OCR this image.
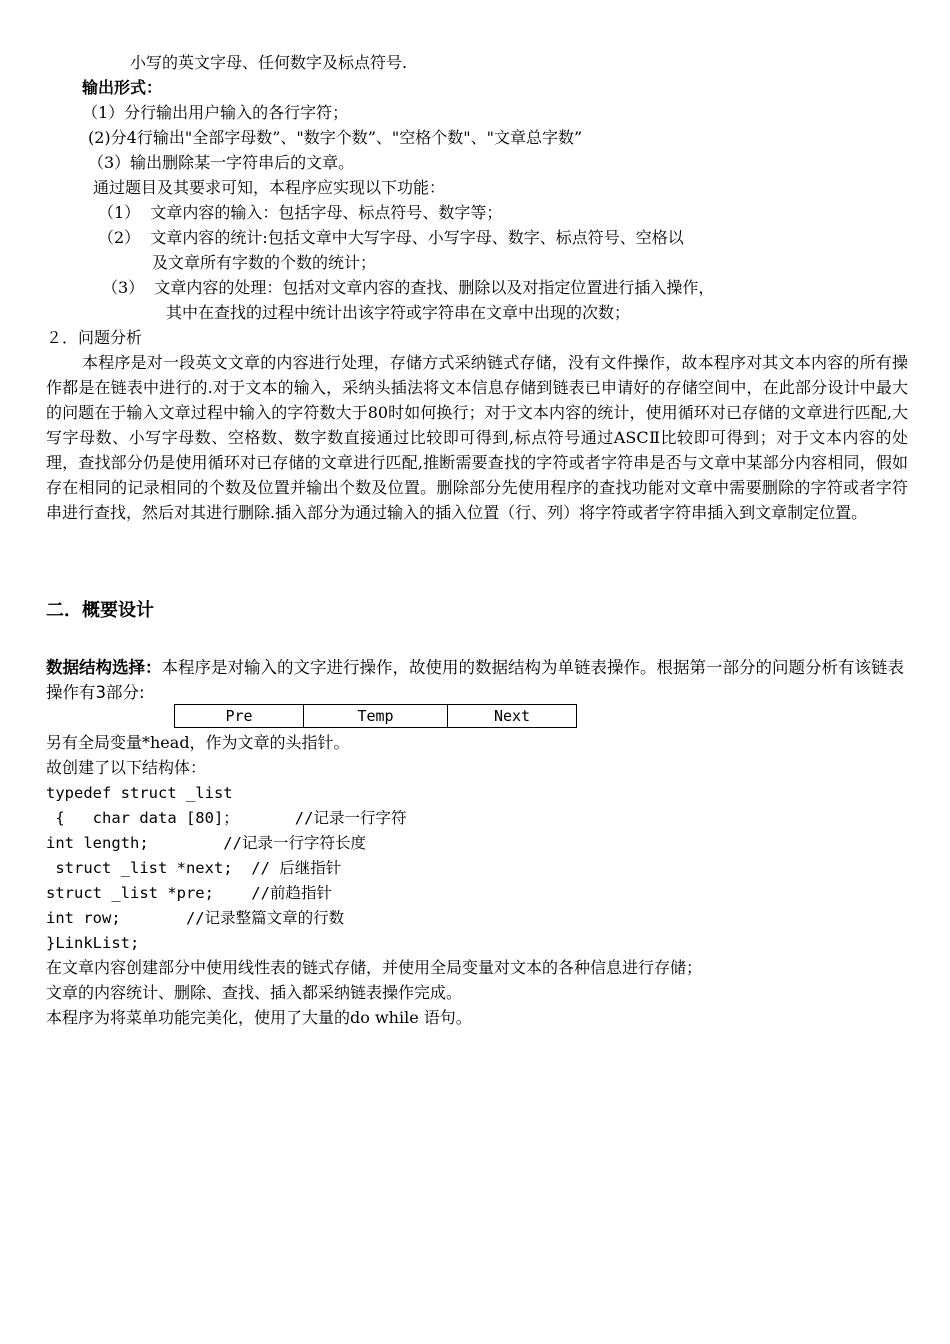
小写的英文字母、任何数字及标点符号.
输出形式：
（1）分行输出用户输入的各行字符；
(2)分4行输出"全部字母数”、"数字个数”、"空格个数"、"文章总字数”
（3）输出删除某一字符串后的文章。
通过题目及其要求可知，本程序应实现以下功能：
（1）  文章内容的输入：包括字母、标点符号、数字等；
（2）  文章内容的统计:包括文章中大写字母、小写字母、数字、标点符号、空格以
及文章所有字数的个数的统计；
（3）  文章内容的处理：包括对文章内容的查找、删除以及对指定位置进行插入操作，
其中在查找的过程中统计出该字符或字符串在文章中出现的次数；
２．问题分析
本程序是对一段英文文章的内容进行处理，存储方式采纳链式存储，没有文件操作，故本程序对其文本内容的所有操作都是在链表中进行的.对于文本的输入，采纳头插法将文本信息存储到链表已申请好的存储空间中，在此部分设计中最大的问题在于输入文章过程中输入的字符数大于80时如何换行；对于文本内容的统计，使用循环对已存储的文章进行匹配,大写字母数、小写字母数、空格数、数字数直接通过比较即可得到,标点符号通过ASCⅡ比较即可得到；对于文本内容的处理，查找部分仍是使用循环对已存储的文章进行匹配,推断需要查找的字符或者字符串是否与文章中某部分内容相同，假如存在相同的记录相同的个数及位置并输出个数及位置。删除部分先使用程序的查找功能对文章中需要删除的字符或者字符串进行查找，然后对其进行删除.插入部分为通过输入的插入位置（行、列）将字符或者字符串插入到文章制定位置。
二．概要设计
数据结构选择：本程序是对输入的文字进行操作，故使用的数据结构为单链表操作。根据第一部分的问题分析有该链表操作有3部分:
Pre	Temp	Next
另有全局变量*head，作为文章的头指针。
故创建了以下结构体：
typedef struct _list
{   char data [80]；      //记录一行字符
int length;        //记录一行字符长度
struct _list *next;  // 后继指针
struct _list *pre;    //前趋指针
int row;       //记录整篇文章的行数
}LinkList;
在文章内容创建部分中使用线性表的链式存储，并使用全局变量对文本的各种信息进行存储；
文章的内容统计、删除、查找、插入都采纳链表操作完成。
本程序为将菜单功能完美化，使用了大量的do while 语句。
